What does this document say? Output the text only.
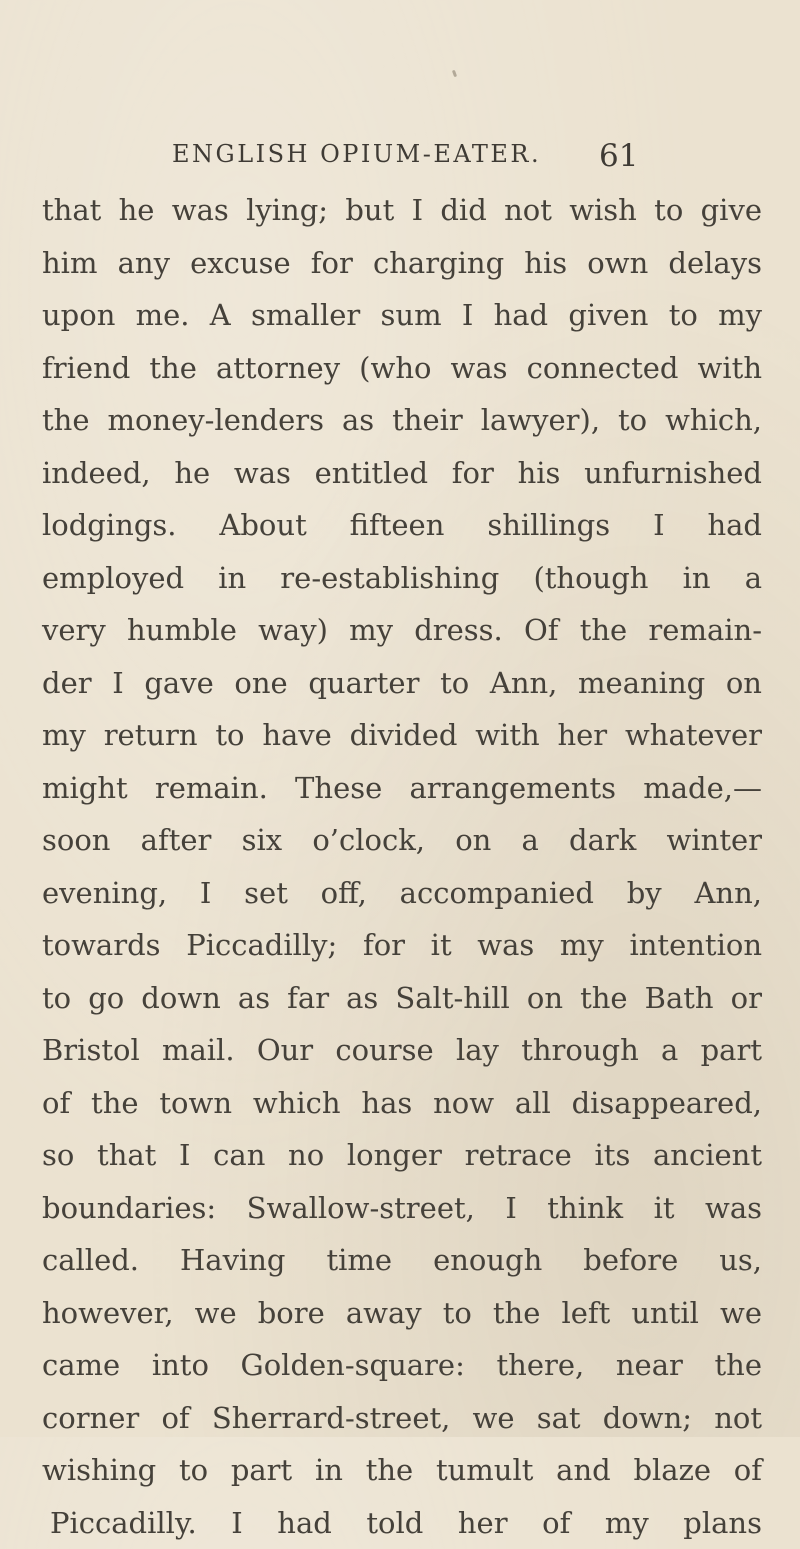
ENGLISH OPIUM-EATER.	61
that he was lying; but I did not wish to give
him any excuse for charging his own delays
upon me. A smaller sum I had given to my
friend the attorney (who was connected with
the money-lenders as their lawyer), to which,
indeed, he was entitled for his unfurnished
lodgings. About fifteen shillings I had
employed in re-establishing (though in a
very humble way) my dress. Of the remain-
der I gave one quarter to Ann, meaning on
my return to have divided with her whatever
might remain. These arrangements made,—
soon after six o’clock, on a dark winter
evening, I set off, accompanied by Ann,
towards Piccadilly; for it was my intention
to go down as far as Salt-hill on the Bath or
Bristol mail. Our course lay through a part
of the town which has now all disappeared,
so that I can no longer retrace its ancient
boundaries: Swallow-street, I think it was
called. Having time enough before us,
however, we bore away to the left until we
came into Golden-square: there, near the
corner of Sherrard-street, we sat down; not
wishing to part in the tumult and blaze of
Piccadilly. I had told her of my plans
